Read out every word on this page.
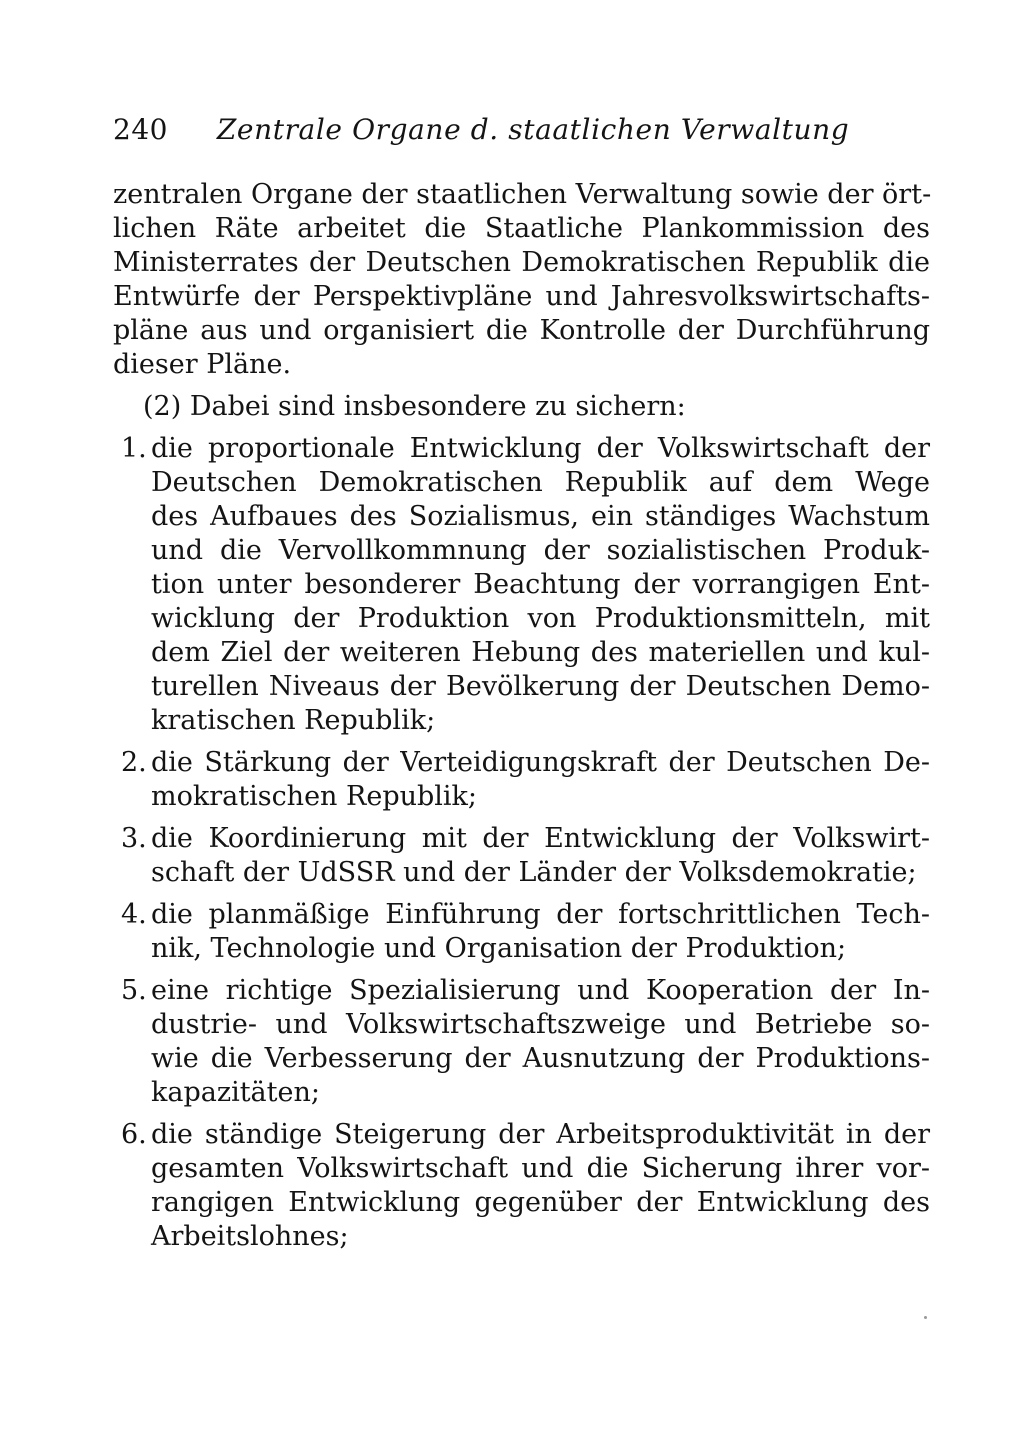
240 Zentrale Organe d. staatlichen Verwaltung
zentralen Organe der staatlichen Verwaltung sowie der ört-
lichen Räte arbeitet die Staatliche Plankommission des
Ministerrates der Deutschen Demokratischen Republik die
Entwürfe der Perspektivpläne und Jahresvolkswirtschafts-
pläne aus und organisiert die Kontrolle der Durchführung
dieser Pläne.
(2) Dabei sind insbesondere zu sichern:
1. die proportionale Entwicklung der Volkswirtschaft der
Deutschen Demokratischen Republik auf dem Wege
des Aufbaues des Sozialismus, ein ständiges Wachstum
und die Vervollkommnung der sozialistischen Produk-
tion unter besonderer Beachtung der vorrangigen Ent-
wicklung der Produktion von Produktionsmitteln, mit
dem Ziel der weiteren Hebung des materiellen und kul-
turellen Niveaus der Bevölkerung der Deutschen Demo-
kratischen Republik;
2. die Stärkung der Verteidigungskraft der Deutschen De-
mokratischen Republik;
3. die Koordinierung mit der Entwicklung der Volkswirt-
schaft der UdSSR und der Länder der Volksdemokratie;
4. die planmäßige Einführung der fortschrittlichen Tech-
nik, Technologie und Organisation der Produktion;
5. eine richtige Spezialisierung und Kooperation der In-
dustrie- und Volkswirtschaftszweige und Betriebe so-
wie die Verbesserung der Ausnutzung der Produktions-
kapazitäten;
6. die ständige Steigerung der Arbeitsproduktivität in der
gesamten Volkswirtschaft und die Sicherung ihrer vor-
rangigen Entwicklung gegenüber der Entwicklung des
Arbeitslohnes;
